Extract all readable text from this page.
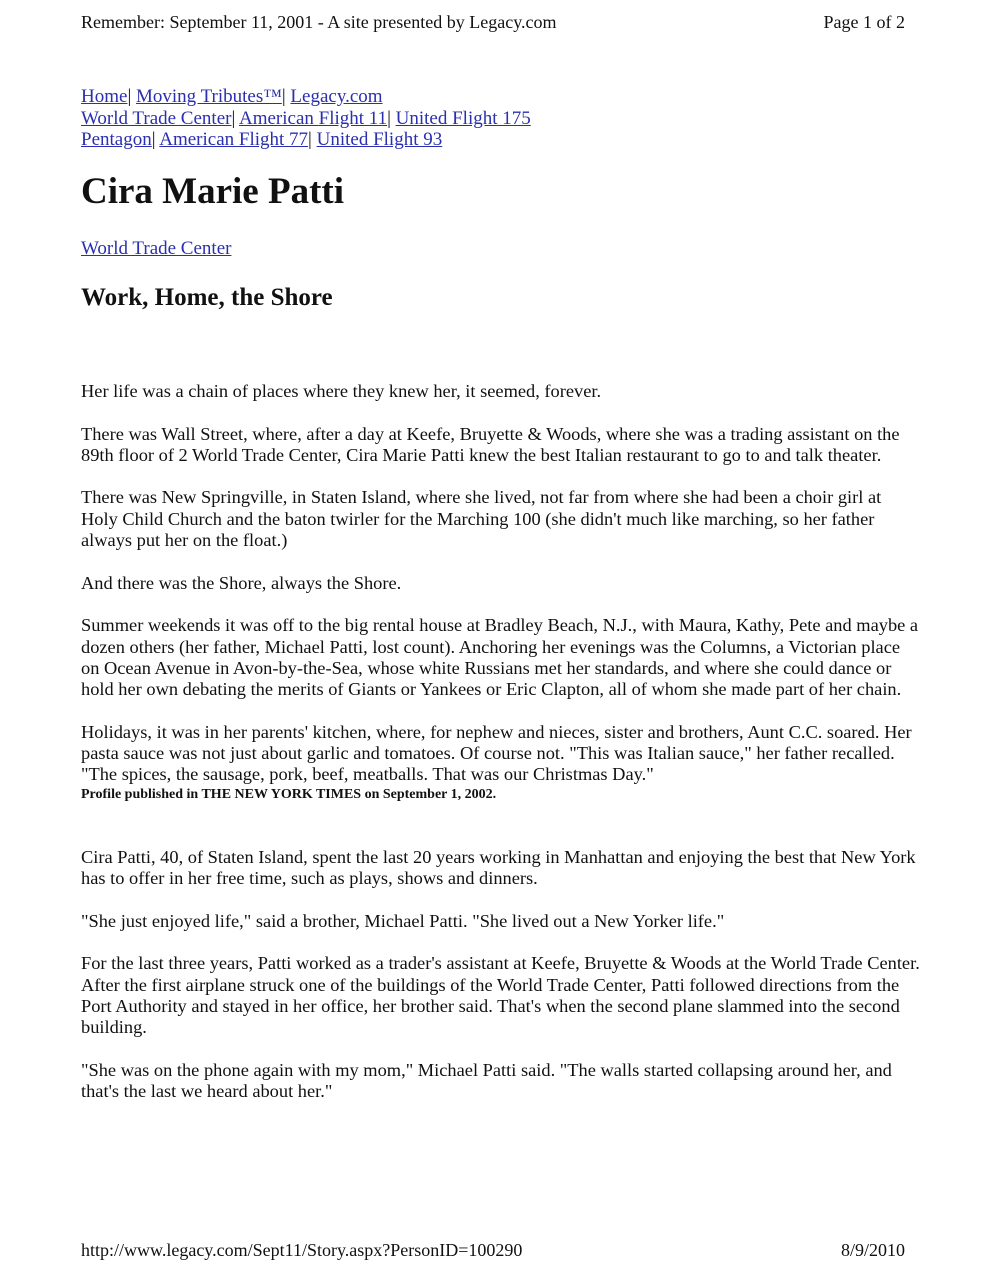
Remember: September 11, 2001 - A site presented by Legacy.com	Page 1 of 2
Home| Moving Tributes™| Legacy.com
World Trade Center| American Flight 11| United Flight 175
Pentagon| American Flight 77| United Flight 93
Cira Marie Patti
World Trade Center
Work, Home, the Shore

Her life was a chain of places where they knew her, it seemed, forever.

There was Wall Street, where, after a day at Keefe, Bruyette & Woods, where she was a trading assistant on the 89th floor of 2 World Trade Center, Cira Marie Patti knew the best Italian restaurant to go to and talk theater.

There was New Springville, in Staten Island, where she lived, not far from where she had been a choir girl at Holy Child Church and the baton twirler for the Marching 100 (she didn't much like marching, so her father always put her on the float.)

And there was the Shore, always the Shore.

Summer weekends it was off to the big rental house at Bradley Beach, N.J., with Maura, Kathy, Pete and maybe a dozen others (her father, Michael Patti, lost count). Anchoring her evenings was the Columns, a Victorian place on Ocean Avenue in Avon-by-the-Sea, whose white Russians met her standards, and where she could dance or hold her own debating the merits of Giants or Yankees or Eric Clapton, all of whom she made part of her chain.

Holidays, it was in her parents' kitchen, where, for nephew and nieces, sister and brothers, Aunt C.C. soared. Her pasta sauce was not just about garlic and tomatoes. Of course not. "This was Italian sauce," her father recalled. "The spices, the sausage, pork, beef, meatballs. That was our Christmas Day."

Profile published in THE NEW YORK TIMES on September 1, 2002.

Cira Patti, 40, of Staten Island, spent the last 20 years working in Manhattan and enjoying the best that New York has to offer in her free time, such as plays, shows and dinners.

"She just enjoyed life," said a brother, Michael Patti. "She lived out a New Yorker life."

For the last three years, Patti worked as a trader's assistant at Keefe, Bruyette & Woods at the World Trade Center. After the first airplane struck one of the buildings of the World Trade Center, Patti followed directions from the Port Authority and stayed in her office, her brother said. That's when the second plane slammed into the second building.

"She was on the phone again with my mom," Michael Patti said. "The walls started collapsing around her, and that's the last we heard about her."

http://www.legacy.com/Sept11/Story.aspx?PersonID=100290	8/9/2010
